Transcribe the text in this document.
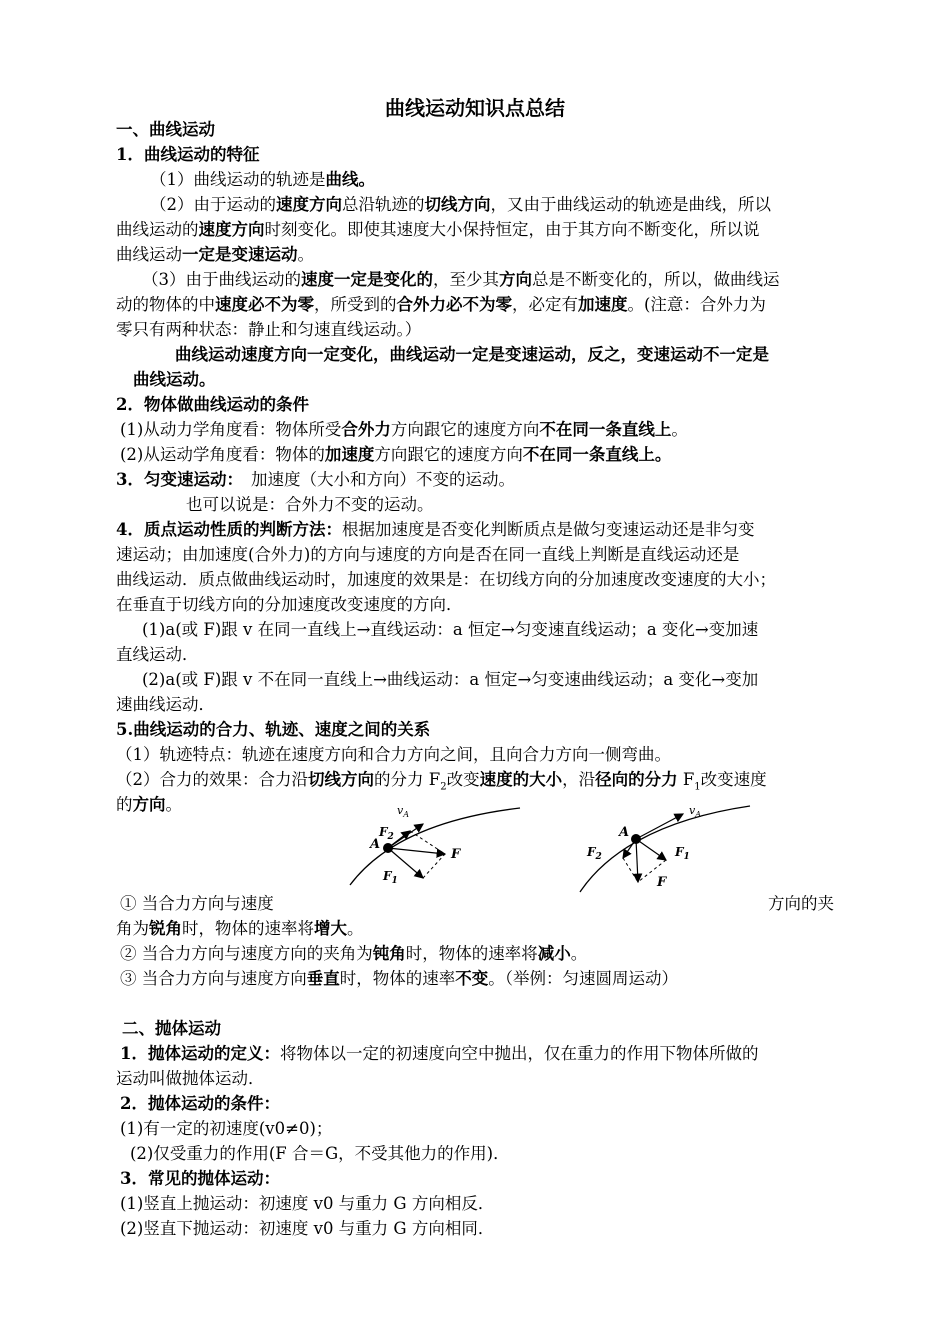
曲线运动知识点总结
一、曲线运动
1．曲线运动的特征
（1）曲线运动的轨迹是曲线。
（2）由于运动的速度方向总沿轨迹的切线方向，又由于曲线运动的轨迹是曲线，所以
曲线运动的速度方向时刻变化。即使其速度大小保持恒定，由于其方向不断变化，所以说
曲线运动一定是变速运动。
（3）由于曲线运动的速度一定是变化的，至少其方向总是不断变化的，所以，做曲线运
动的物体的中速度必不为零，所受到的合外力必不为零，必定有加速度。(注意：合外力为
零只有两种状态：静止和匀速直线运动。）
曲线运动速度方向一定变化，曲线运动一定是变速运动，反之，变速运动不一定是
曲线运动。
2．物体做曲线运动的条件
(1)从动力学角度看：物体所受合外力方向跟它的速度方向不在同一条直线上。
(2)从运动学角度看：物体的加速度方向跟它的速度方向不在同一条直线上。
3．匀变速运动： 加速度（大小和方向）不变的运动。
也可以说是：合外力不变的运动。
4．质点运动性质的判断方法：根据加速度是否变化判断质点是做匀变速运动还是非匀变
速运动；由加速度(合外力)的方向与速度的方向是否在同一直线上判断是直线运动还是
曲线运动．质点做曲线运动时，加速度的效果是：在切线方向的分加速度改变速度的大小；
在垂直于切线方向的分加速度改变速度的方向．
(1)a(或 F)跟 v 在同一直线上→直线运动：a 恒定→匀变速直线运动；a 变化→变加速
直线运动．
(2)a(或 F)跟 v 不在同一直线上→曲线运动：a 恒定→匀变速曲线运动；a 变化→变加
速曲线运动．
5.曲线运动的合力、轨迹、速度之间的关系
（1）轨迹特点：轨迹在速度方向和合力方向之间，且向合力方向一侧弯曲。
（2）合力的效果：合力沿切线方向的分力 $F_2$改变速度的大小，沿径向的分力 $F_1$改变速度
的方向。	$v_A$
A
$F_2$
F
$F_1$
$v_A$
A
$F_2$	$F_1$
F
① 当合力方向与速度	方向的夹
角为锐角时，物体的速率将增大。
② 当合力方向与速度方向的夹角为钝角时，物体的速率将减小。
③ 当合力方向与速度方向垂直时，物体的速率不变。（举例：匀速圆周运动）
二、抛体运动
1．抛体运动的定义：将物体以一定的初速度向空中抛出，仅在重力的作用下物体所做的
运动叫做抛体运动．
2．抛体运动的条件：
(1)有一定的初速度(v0≠0)；
(2)仅受重力的作用(F 合＝G，不受其他力的作用)．
3．常见的抛体运动：
(1)竖直上抛运动：初速度 v0 与重力 G 方向相反．
(2)竖直下抛运动：初速度 v0 与重力 G 方向相同．
